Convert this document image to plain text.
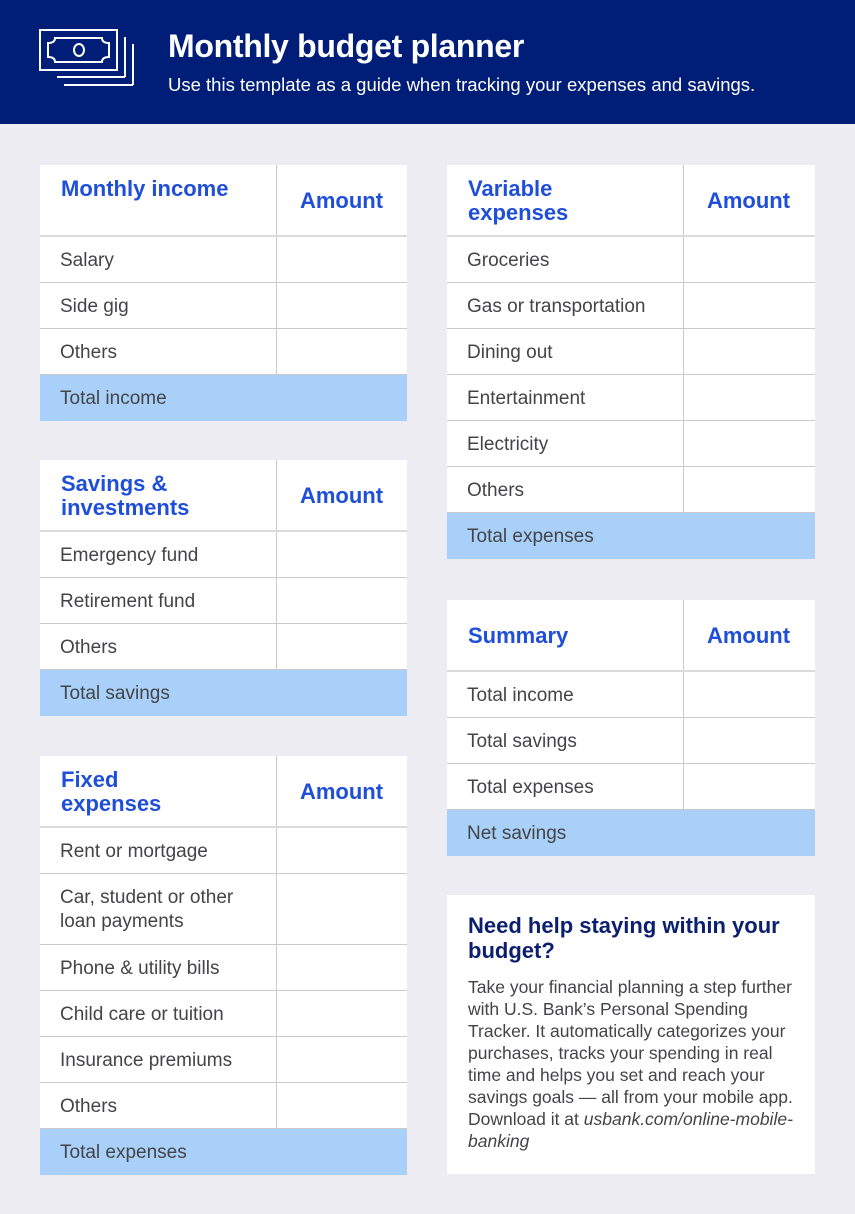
Monthly budget planner
Use this template as a guide when tracking your expenses and savings.
Monthly income	Amount
Salary
Side gig
Others
Total income
Savings & investments	Amount
Emergency fund
Retirement fund
Others
Total savings
Fixed expenses	Amount
Rent or mortgage
Car, student or other loan payments
Phone & utility bills
Child care or tuition
Insurance premiums
Others
Total expenses
Variable expenses	Amount
Groceries
Gas or transportation
Dining out
Entertainment
Electricity
Others
Total expenses
Summary	Amount
Total income
Total savings
Total expenses
Net savings
Need help staying within your budget?
Take your financial planning a step further with U.S. Bank’s Personal Spending Tracker. It automatically categorizes your purchases, tracks your spending in real time and helps you set and reach your savings goals — all from your mobile app. Download it at usbank.com/online-mobile-banking
